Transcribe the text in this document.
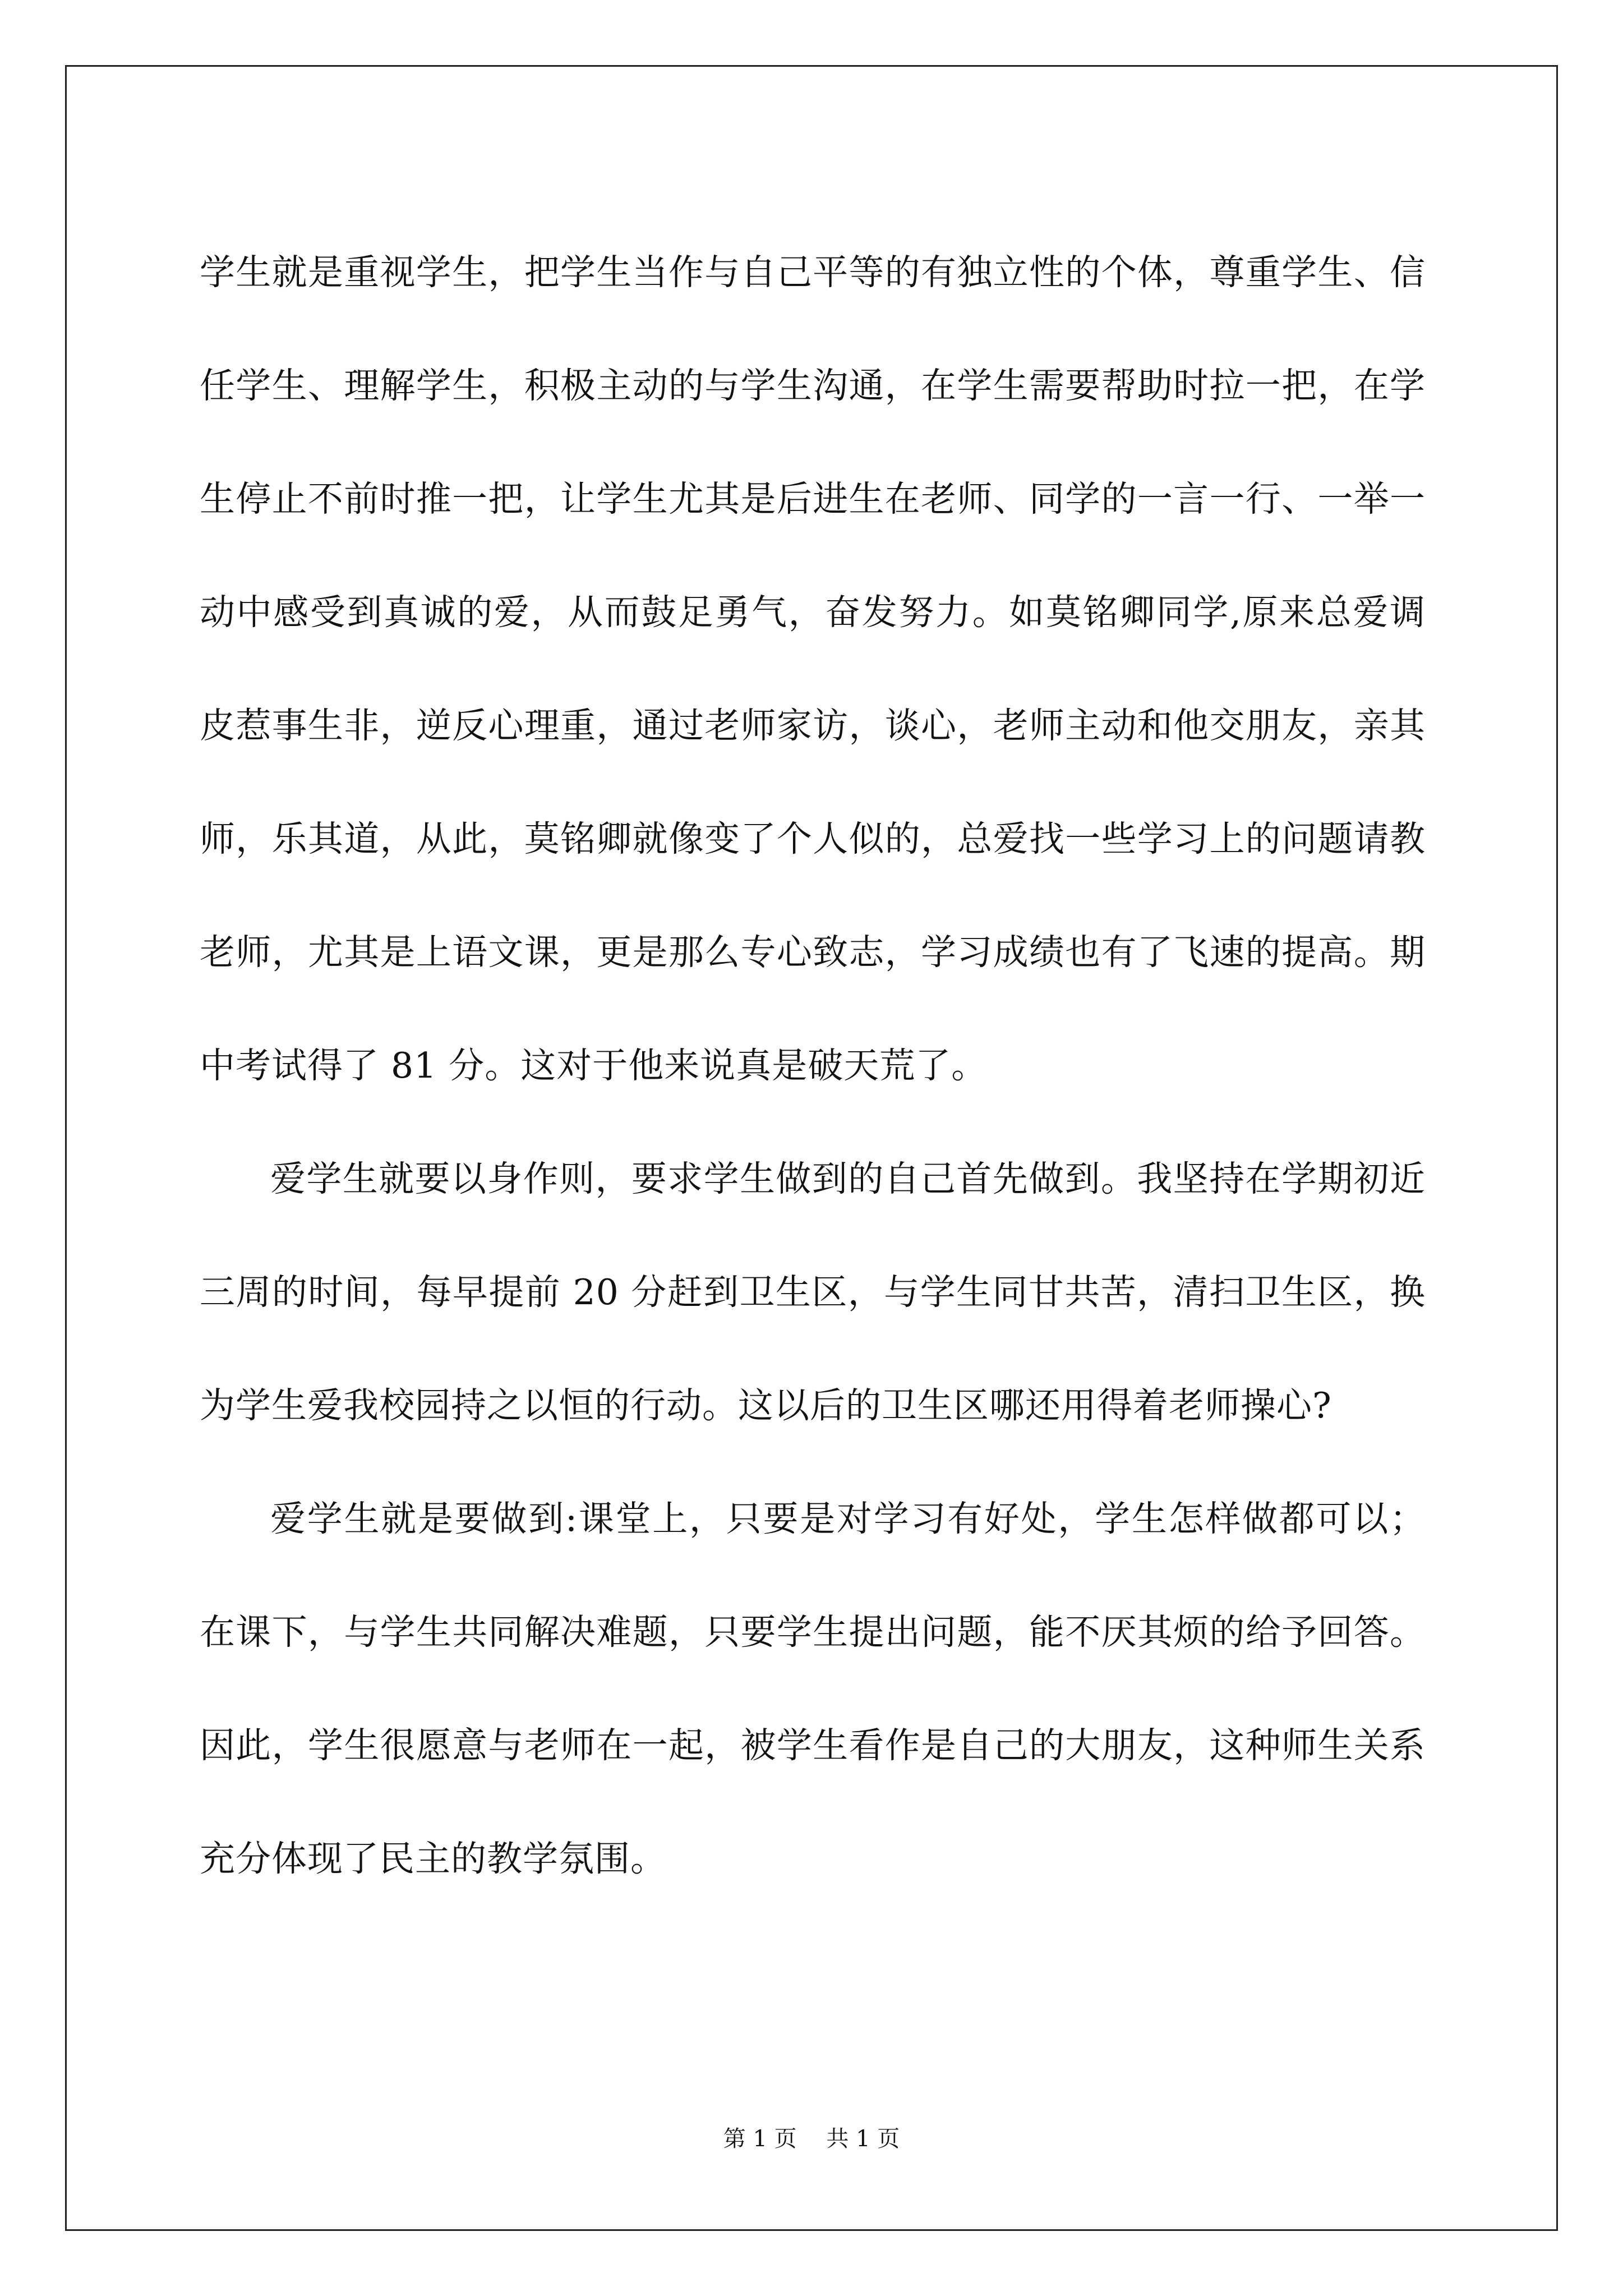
学生就是重视学生，把学生当作与自己平等的有独立性的个体，尊重学生、信任学生、理解学生，积极主动的与学生沟通，在学生需要帮助时拉一把，在学生停止不前时推一把，让学生尤其是后进生在老师、同学的一言一行、一举一动中感受到真诚的爱，从而鼓足勇气，奋发努力。如莫铭卿同学,原来总爱调皮惹事生非，逆反心理重，通过老师家访，谈心，老师主动和他交朋友，亲其师，乐其道，从此，莫铭卿就像变了个人似的，总爱找一些学习上的问题请教老师，尤其是上语文课，更是那么专心致志，学习成绩也有了飞速的提高。期中考试得了 81 分。这对于他来说真是破天荒了。

爱学生就要以身作则，要求学生做到的自己首先做到。我坚持在学期初近三周的时间，每早提前 20 分赶到卫生区，与学生同甘共苦，清扫卫生区，换为学生爱我校园持之以恒的行动。这以后的卫生区哪还用得着老师操心?

爱学生就是要做到:课堂上，只要是对学习有好处，学生怎样做都可以；在课下，与学生共同解决难题，只要学生提出问题，能不厌其烦的给予回答。因此，学生很愿意与老师在一起，被学生看作是自己的大朋友，这种师生关系充分体现了民主的教学氛围。

第 1 页 共 1 页
